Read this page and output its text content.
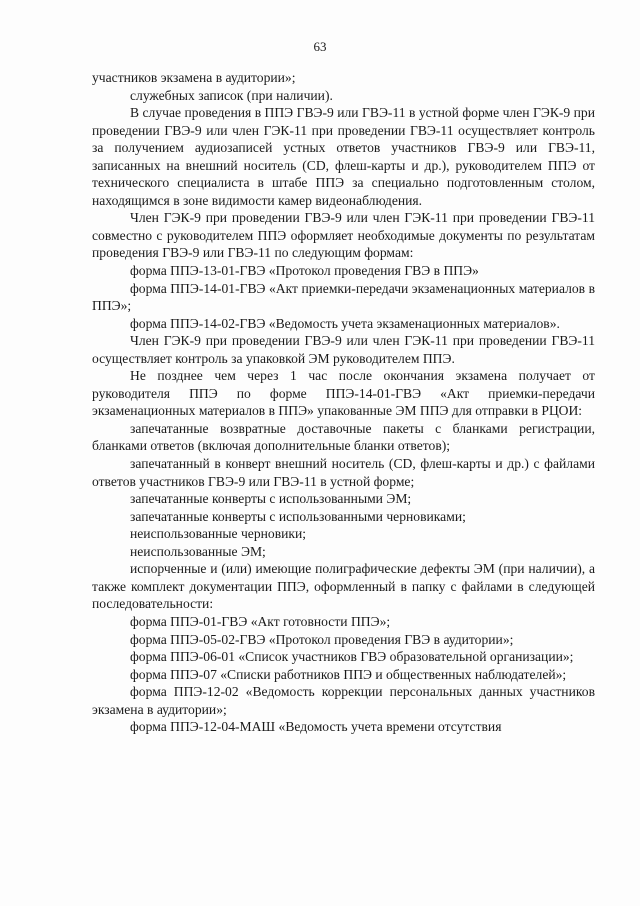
63

участников экзамена в аудитории»;

служебных записок (при наличии).

В случае проведения в ППЭ ГВЭ-9 или ГВЭ-11 в устной форме член ГЭК-9 при проведении ГВЭ-9 или член ГЭК-11 при проведении ГВЭ-11 осуществляет контроль за получением аудиозаписей устных ответов участников ГВЭ-9 или ГВЭ-11, записанных на внешний носитель (CD, флеш-карты и др.), руководителем ППЭ от технического специалиста в штабе ППЭ за специально подготовленным столом, находящимся в зоне видимости камер видеонаблюдения.

Член ГЭК-9 при проведении ГВЭ-9 или член ГЭК-11 при проведении ГВЭ-11 совместно с руководителем ППЭ оформляет необходимые документы по результатам проведения ГВЭ-9 или ГВЭ-11 по следующим формам:

форма ППЭ-13-01-ГВЭ «Протокол проведения ГВЭ в ППЭ»

форма ППЭ-14-01-ГВЭ «Акт приемки-передачи экзаменационных материалов в ППЭ»;

форма ППЭ-14-02-ГВЭ «Ведомость учета экзаменационных материалов».

Член ГЭК-9 при проведении ГВЭ-9 или член ГЭК-11 при проведении ГВЭ-11 осуществляет контроль за упаковкой ЭМ руководителем ППЭ.

Не позднее чем через 1 час после окончания экзамена получает от руководителя ППЭ по форме ППЭ-14-01-ГВЭ «Акт приемки-передачи экзаменационных материалов в ППЭ» упакованные ЭМ ППЭ для отправки в РЦОИ:

запечатанные возвратные доставочные пакеты с бланками регистрации, бланками ответов (включая дополнительные бланки ответов);

запечатанный в конверт внешний носитель (CD, флеш-карты и др.) с файлами ответов участников ГВЭ-9 или ГВЭ-11 в устной форме;

запечатанные конверты с использованными ЭМ;

запечатанные конверты с использованными черновиками;

неиспользованные черновики;

неиспользованные ЭМ;

испорченные и (или) имеющие полиграфические дефекты ЭМ (при наличии), а также комплект документации ППЭ, оформленный в папку с файлами в следующей последовательности:

форма ППЭ-01-ГВЭ «Акт готовности ППЭ»;

форма ППЭ-05-02-ГВЭ «Протокол проведения ГВЭ в аудитории»;

форма ППЭ-06-01 «Список участников ГВЭ образовательной организации»;

форма ППЭ-07 «Списки работников ППЭ и общественных наблюдателей»;

форма ППЭ-12-02 «Ведомость коррекции персональных данных участников экзамена в аудитории»;

форма ППЭ-12-04-МАШ «Ведомость учета времени отсутствия
